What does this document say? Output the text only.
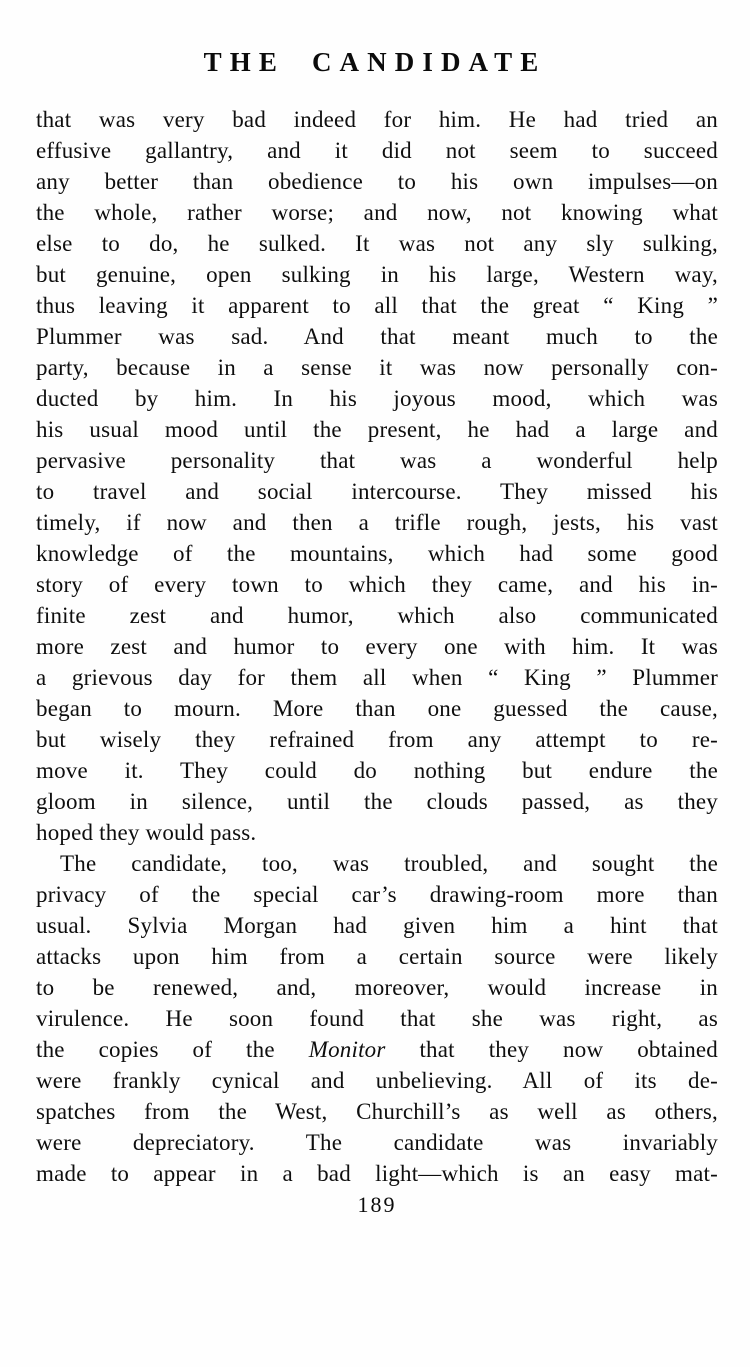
THE CANDIDATE
that was very bad indeed for him. He had tried an
effusive gallantry, and it did not seem to succeed
any better than obedience to his own impulses—on
the whole, rather worse; and now, not knowing what
else to do, he sulked. It was not any sly sulking,
but genuine, open sulking in his large, Western way,
thus leaving it apparent to all that the great “ King ”
Plummer was sad. And that meant much to the
party, because in a sense it was now personally con-
ducted by him. In his joyous mood, which was
his usual mood until the present, he had a large and
pervasive personality that was a wonderful help
to travel and social intercourse. They missed his
timely, if now and then a trifle rough, jests, his vast
knowledge of the mountains, which had some good
story of every town to which they came, and his in-
finite zest and humor, which also communicated
more zest and humor to every one with him. It was
a grievous day for them all when “ King ” Plummer
began to mourn. More than one guessed the cause,
but wisely they refrained from any attempt to re-
move it. They could do nothing but endure the
gloom in silence, until the clouds passed, as they
hoped they would pass.
The candidate, too, was troubled, and sought the
privacy of the special car’s drawing-room more than
usual. Sylvia Morgan had given him a hint that
attacks upon him from a certain source were likely
to be renewed, and, moreover, would increase in
virulence. He soon found that she was right, as
the copies of the Monitor that they now obtained
were frankly cynical and unbelieving. All of its de-
spatches from the West, Churchill’s as well as others,
were depreciatory. The candidate was invariably
made to appear in a bad light—which is an easy mat-
189
